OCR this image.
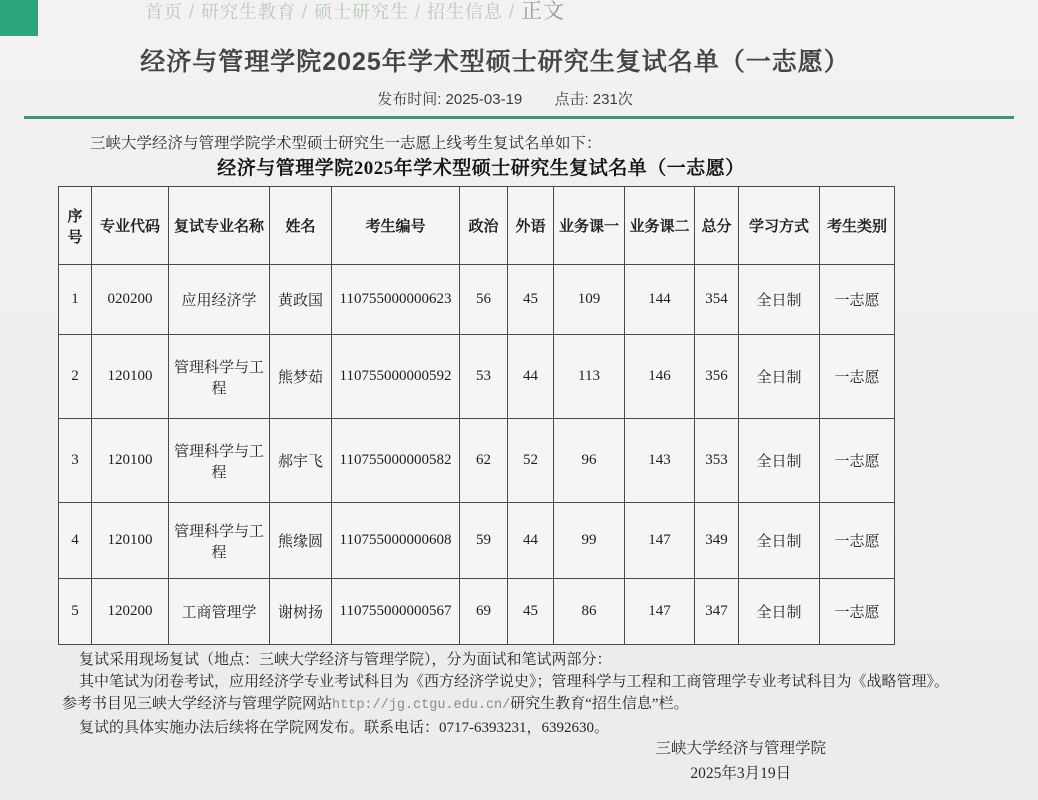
首页 / 研究生教育 / 硕士研究生 / 招生信息 / 正文
经济与管理学院2025年学术型硕士研究生复试名单（一志愿）
发布时间: 2025-03-19 点击: 231次

三峡大学经济与管理学院学术型硕士研究生一志愿上线考生复试名单如下：

经济与管理学院2025年学术型硕士研究生复试名单（一志愿）
序号	专业代码	复试专业名称	姓名	考生编号	政治	外语	业务课一	业务课二	总分	学习方式	考生类别
1	020200	应用经济学	黄政国	110755000000623	56	45	109	144	354	全日制	一志愿
2	120100	管理科学与工程	熊梦茹	110755000000592	53	44	113	146	356	全日制	一志愿
3	120100	管理科学与工程	郝宇飞	110755000000582	62	52	96	143	353	全日制	一志愿
4	120100	管理科学与工程	熊缘圆	110755000000608	59	44	99	147	349	全日制	一志愿
5	120200	工商管理学	谢树扬	110755000000567	69	45	86	147	347	全日制	一志愿

复试采用现场复试（地点：三峡大学经济与管理学院），分为面试和笔试两部分：

其中笔试为闭卷考试，应用经济学专业考试科目为《西方经济学说史》；管理科学与工程和工商管理学专业考试科目为《战略管理》。参考书目见三峡大学经济与管理学院网站http://jg.ctgu.edu.cn/研究生教育“招生信息”栏。

复试的具体实施办法后续将在学院网发布。联系电话：0717-6393231，6392630。

三峡大学经济与管理学院

2025年3月19日
